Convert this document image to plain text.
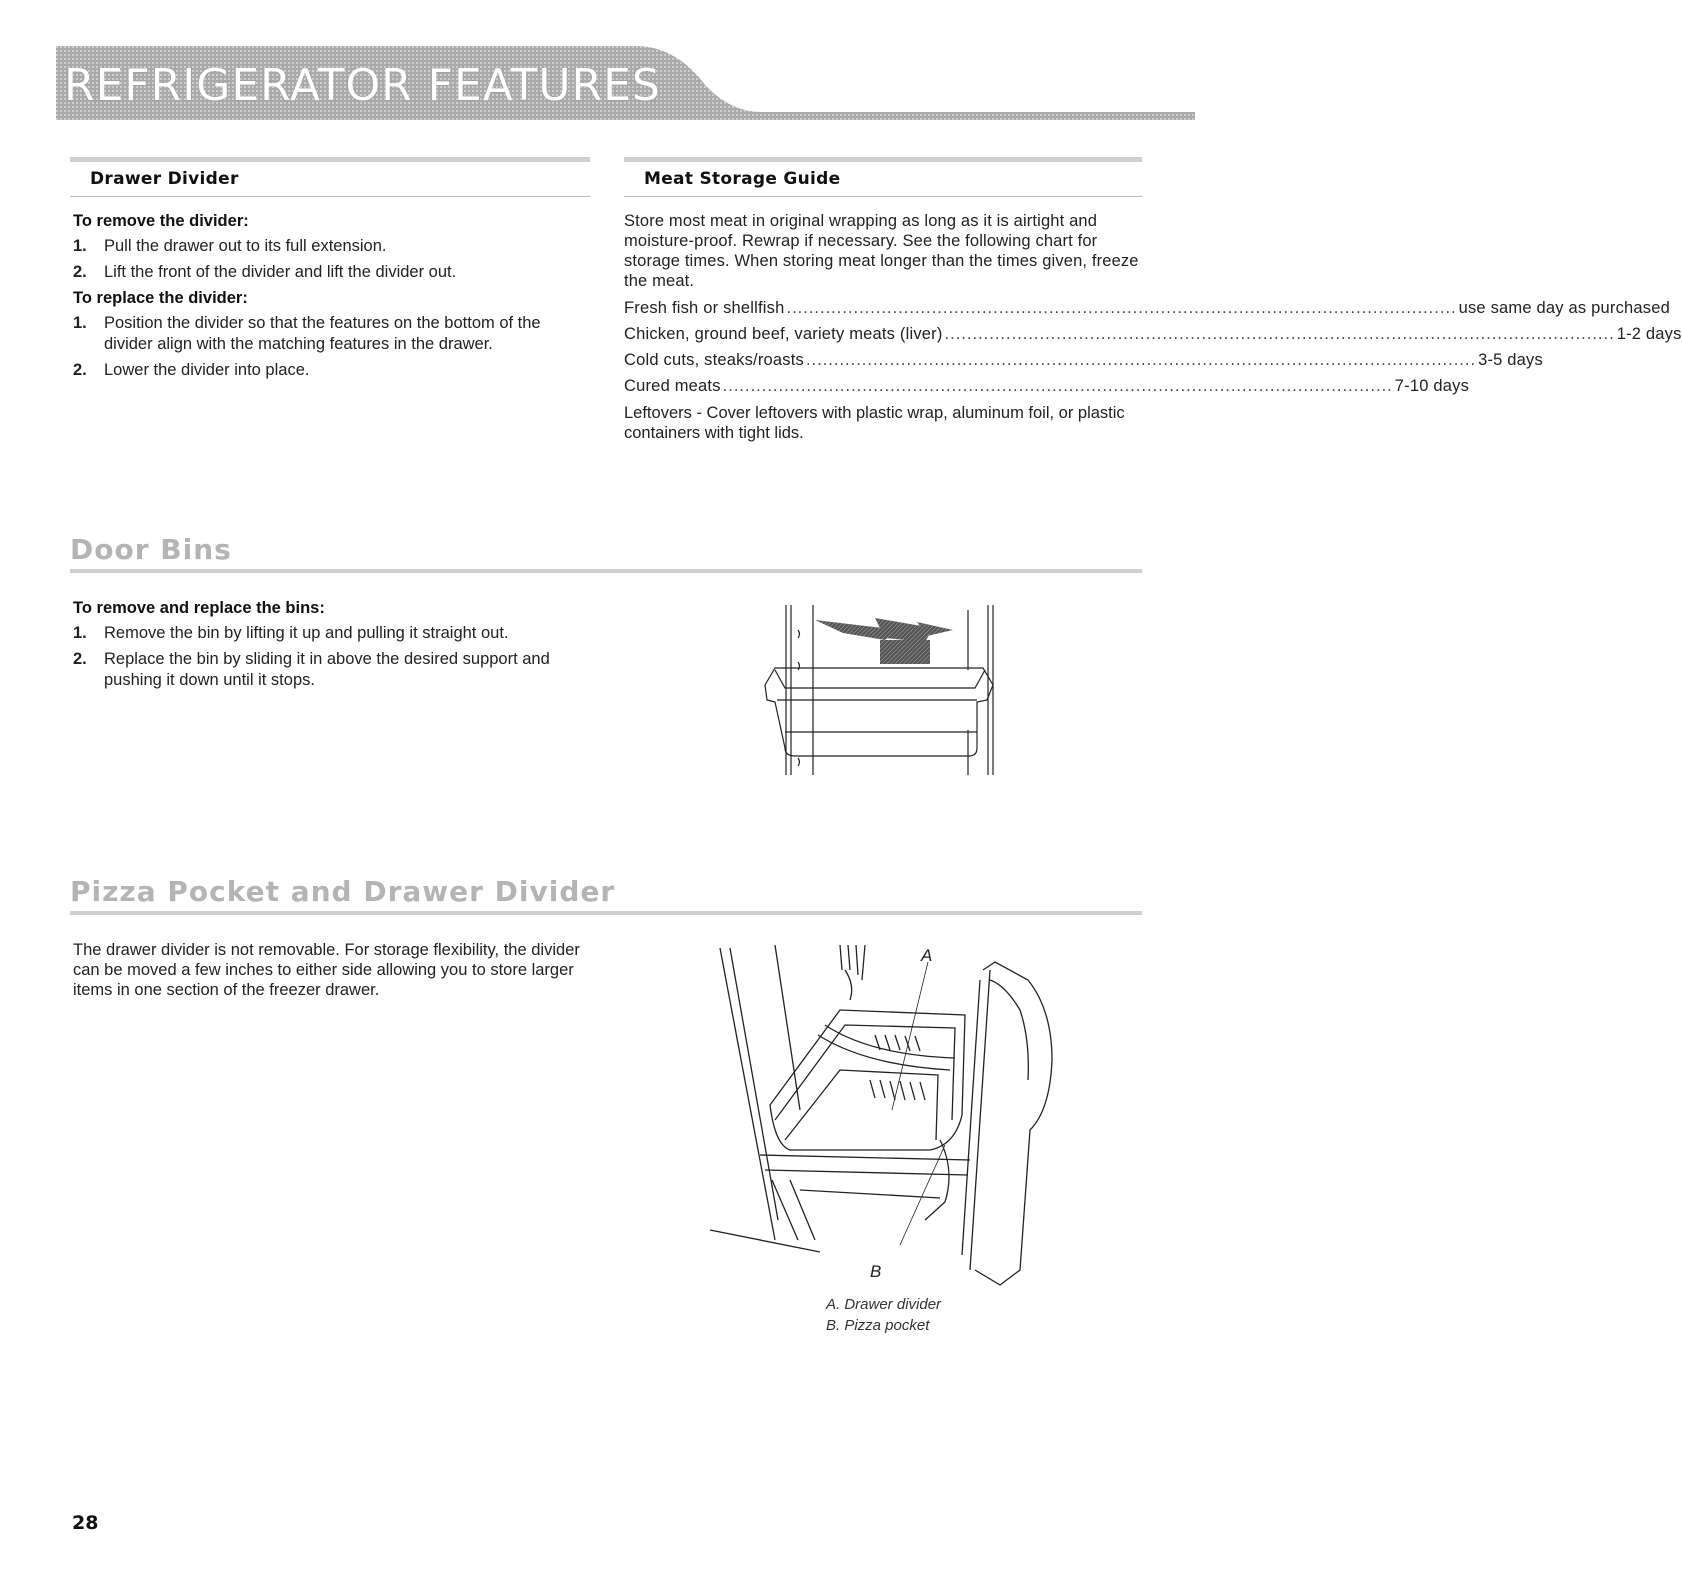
REFRIGERATOR FEATURES
Drawer Divider
To remove the divider:
1. Pull the drawer out to its full extension.
2. Lift the front of the divider and lift the divider out.
To replace the divider:
1. Position the divider so that the features on the bottom of the divider align with the matching features in the drawer.
2. Lower the divider into place.
Meat Storage Guide
Store most meat in original wrapping as long as it is airtight and moisture-proof. Rewrap if necessary. See the following chart for storage times. When storing meat longer than the times given, freeze the meat.
Fresh fish or shellfish ........................................................................................................................ use same day as purchased
Chicken, ground beef, variety meats (liver) ........................................................................................................................ 1-2 days
Cold cuts, steaks/roasts ........................................................................................................................ 3-5 days
Cured meats ........................................................................................................................ 7-10 days
Leftovers - Cover leftovers with plastic wrap, aluminum foil, or plastic containers with tight lids.
Door Bins
To remove and replace the bins:
1. Remove the bin by lifting it up and pulling it straight out.
2. Replace the bin by sliding it in above the desired support and pushing it down until it stops.
Pizza Pocket and Drawer Divider
The drawer divider is not removable. For storage flexibility, the divider can be moved a few inches to either side allowing you to store larger items in one section of the freezer drawer.
A
B
A. Drawer divider
B. Pizza pocket
28
